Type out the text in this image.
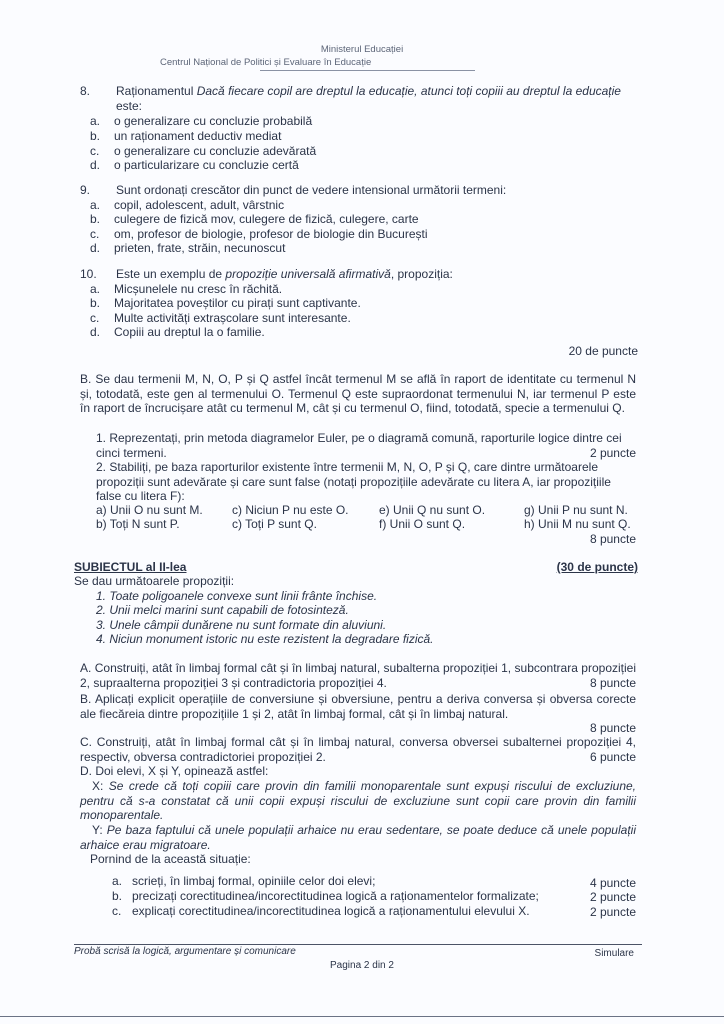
Ministerul Educației
Centrul Național de Politici și Evaluare în Educație
8. Raționamentul Dacă fiecare copil are dreptul la educație, atunci toți copiii au dreptul la educație este:
a. o generalizare cu concluzie probabilă
b. un raționament deductiv mediat
c. o generalizare cu concluzie adevărată
d. o particularizare cu concluzie certă
9. Sunt ordonați crescător din punct de vedere intensional următorii termeni:
a. copil, adolescent, adult, vârstnic
b. culegere de fizică mov, culegere de fizică, culegere, carte
c. om, profesor de biologie, profesor de biologie din București
d. prieten, frate, străin, necunoscut
10. Este un exemplu de propoziție universală afirmativă, propoziția:
a. Micșunelele nu cresc în răchită.
b. Majoritatea poveștilor cu pirați sunt captivante.
c. Multe activități extrașcolare sunt interesante.
d. Copiii au dreptul la o familie.
20 de puncte
B. Se dau termenii M, N, O, P și Q astfel încât termenul M se află în raport de identitate cu termenul N și, totodată, este gen al termenului O. Termenul Q este supraordonat termenului N, iar termenul P este în raport de încrucișare atât cu termenul M, cât și cu termenul O, fiind, totodată, specie a termenului Q.
1. Reprezentați, prin metoda diagramelor Euler, pe o diagramă comună, raporturile logice dintre cei cinci termeni.	2 puncte
2. Stabiliți, pe baza raporturilor existente între termenii M, N, O, P și Q, care dintre următoarele propoziții sunt adevărate și care sunt false (notați propozițiile adevărate cu litera A, iar propozițiile false cu litera F):
a) Unii O nu sunt M. c) Niciun P nu este O.	e) Unii Q nu sunt O.	g) Unii P nu sunt N.
b) Toți N sunt P.	c) Toți P sunt Q.	f) Unii O sunt Q.	h) Unii M nu sunt Q.
8 puncte
SUBIECTUL al II-lea	(30 de puncte)
Se dau următoarele propoziții:
1. Toate poligoanele convexe sunt linii frânte închise.
2. Unii melci marini sunt capabili de fotosinteză.
3. Unele câmpii dunărene nu sunt formate din aluviuni.
4. Niciun monument istoric nu este rezistent la degradare fizică.
A. Construiți, atât în limbaj formal cât și în limbaj natural, subalterna propoziției 1, subcontrara propoziției 2, supraalterna propoziției 3 și contradictoria propoziției 4.	8 puncte
B. Aplicați explicit operațiile de conversiune și obversiune, pentru a deriva conversa și obversa corecte ale fiecăreia dintre propozițiile 1 și 2, atât în limbaj formal, cât și în limbaj natural.
8 puncte
C. Construiți, atât în limbaj formal cât și în limbaj natural, conversa obversei subalternei propoziției 4, respectiv, obversa contradictoriei propoziției 2.	6 puncte
D. Doi elevi, X și Y, opinează astfel:
X: Se crede că toți copiii care provin din familii monoparentale sunt expuși riscului de excluziune, pentru că s-a constatat că unii copii expuși riscului de excluziune sunt copii care provin din familii monoparentale.
Y: Pe baza faptului că unele populații arhaice nu erau sedentare, se poate deduce că unele populații arhaice erau migratoare.
Pornind de la această situație:
a. scrieți, în limbaj formal, opiniile celor doi elevi;	4 puncte
b. precizați corectitudinea/incorectitudinea logică a raționamentelor formalizate;	2 puncte
c. explicați corectitudinea/incorectitudinea logică a raționamentului elevului X.	2 puncte
Probă scrisă la logică, argumentare și comunicare	Simulare
Pagina 2 din 2
